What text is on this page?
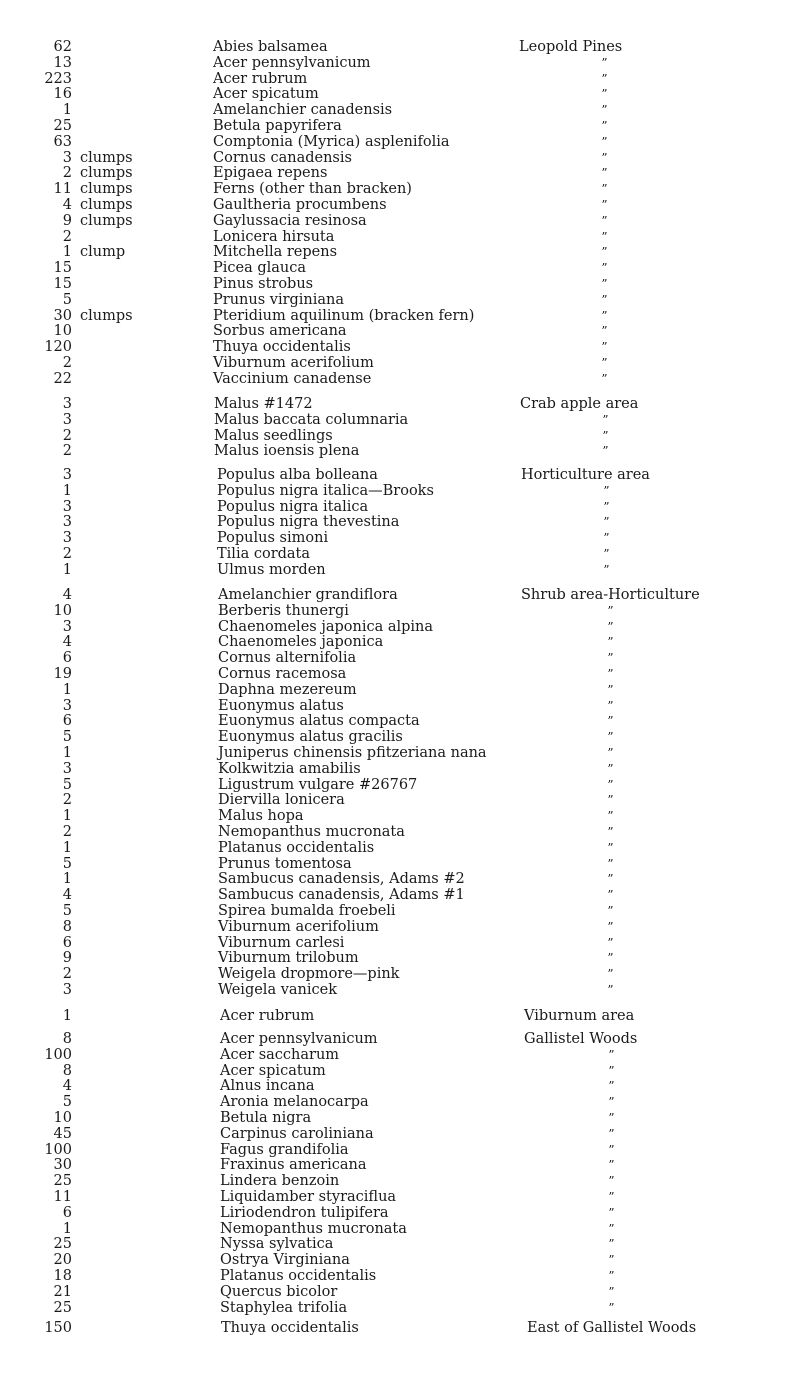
62	Abies balsamea	Leopold Pines
13	Acer pennsylvanicum	”
223	Acer rubrum	”
16	Acer spicatum	”
1	Amelanchier canadensis	”
25	Betula papyrifera	”
63	Comptonia (Myrica) asplenifolia	”
3 clumps	Cornus canadensis	”
2 clumps	Epigaea repens	”
11 clumps	Ferns (other than bracken)	”
4 clumps	Gaultheria procumbens	”
9 clumps	Gaylussacia resinosa	”
2	Lonicera hirsuta	”
1 clump	Mitchella repens	”
15	Picea glauca	”
15	Pinus strobus	”
5	Prunus virginiana	”
30 clumps	Pteridium aquilinum (bracken fern)	”
10	Sorbus americana	”
120	Thuya occidentalis	”
2	Viburnum acerifolium	”
22	Vaccinium canadense	”
3	Malus #1472	Crab apple area
3	Malus baccata columnaria	”
2	Malus seedlings	”
2	Malus ioensis plena	”
3	Populus alba bolleana	Horticulture area
1	Populus nigra italica—Brooks	”
3	Populus nigra italica	”
3	Populus nigra thevestina	”
3	Populus simoni	”
2	Tilia cordata	”
1	Ulmus morden	”
4	Amelanchier grandiflora	Shrub area-Horticulture
10	Berberis thunergi	”
3	Chaenomeles japonica alpina	”
4	Chaenomeles japonica	”
6	Cornus alternifolia	”
19	Cornus racemosa	”
1	Daphna mezereum	”
3	Euonymus alatus	”
6	Euonymus alatus compacta	”
5	Euonymus alatus gracilis	”
1	Juniperus chinensis pfitzeriana nana	”
3	Kolkwitzia amabilis	”
5	Ligustrum vulgare #26767	”
2	Diervilla lonicera	”
1	Malus hopa	”
2	Nemopanthus mucronata	”
1	Platanus occidentalis	”
5	Prunus tomentosa	”
1	Sambucus canadensis, Adams #2	”
4	Sambucus canadensis, Adams #1	”
5	Spirea bumalda froebeli	”
8	Viburnum acerifolium	”
6	Viburnum carlesi	”
9	Viburnum trilobum	”
2	Weigela dropmore—pink	”
3	Weigela vanicek	”
1	Acer rubrum	Viburnum area
8	Acer pennsylvanicum	Gallistel Woods
100	Acer saccharum	”
8	Acer spicatum	”
4	Alnus incana	”
5	Aronia melanocarpa	”
10	Betula nigra	”
45	Carpinus caroliniana	”
100	Fagus grandifolia	”
30	Fraxinus americana	”
25	Lindera benzoin	”
11	Liquidamber styraciflua	”
6	Liriodendron tulipifera	”
1	Nemopanthus mucronata	”
25	Nyssa sylvatica	”
20	Ostrya Virginiana	”
18	Platanus occidentalis	”
21	Quercus bicolor	”
25	Staphylea trifolia	”
150	Thuya occidentalis	East of Gallistel Woods
